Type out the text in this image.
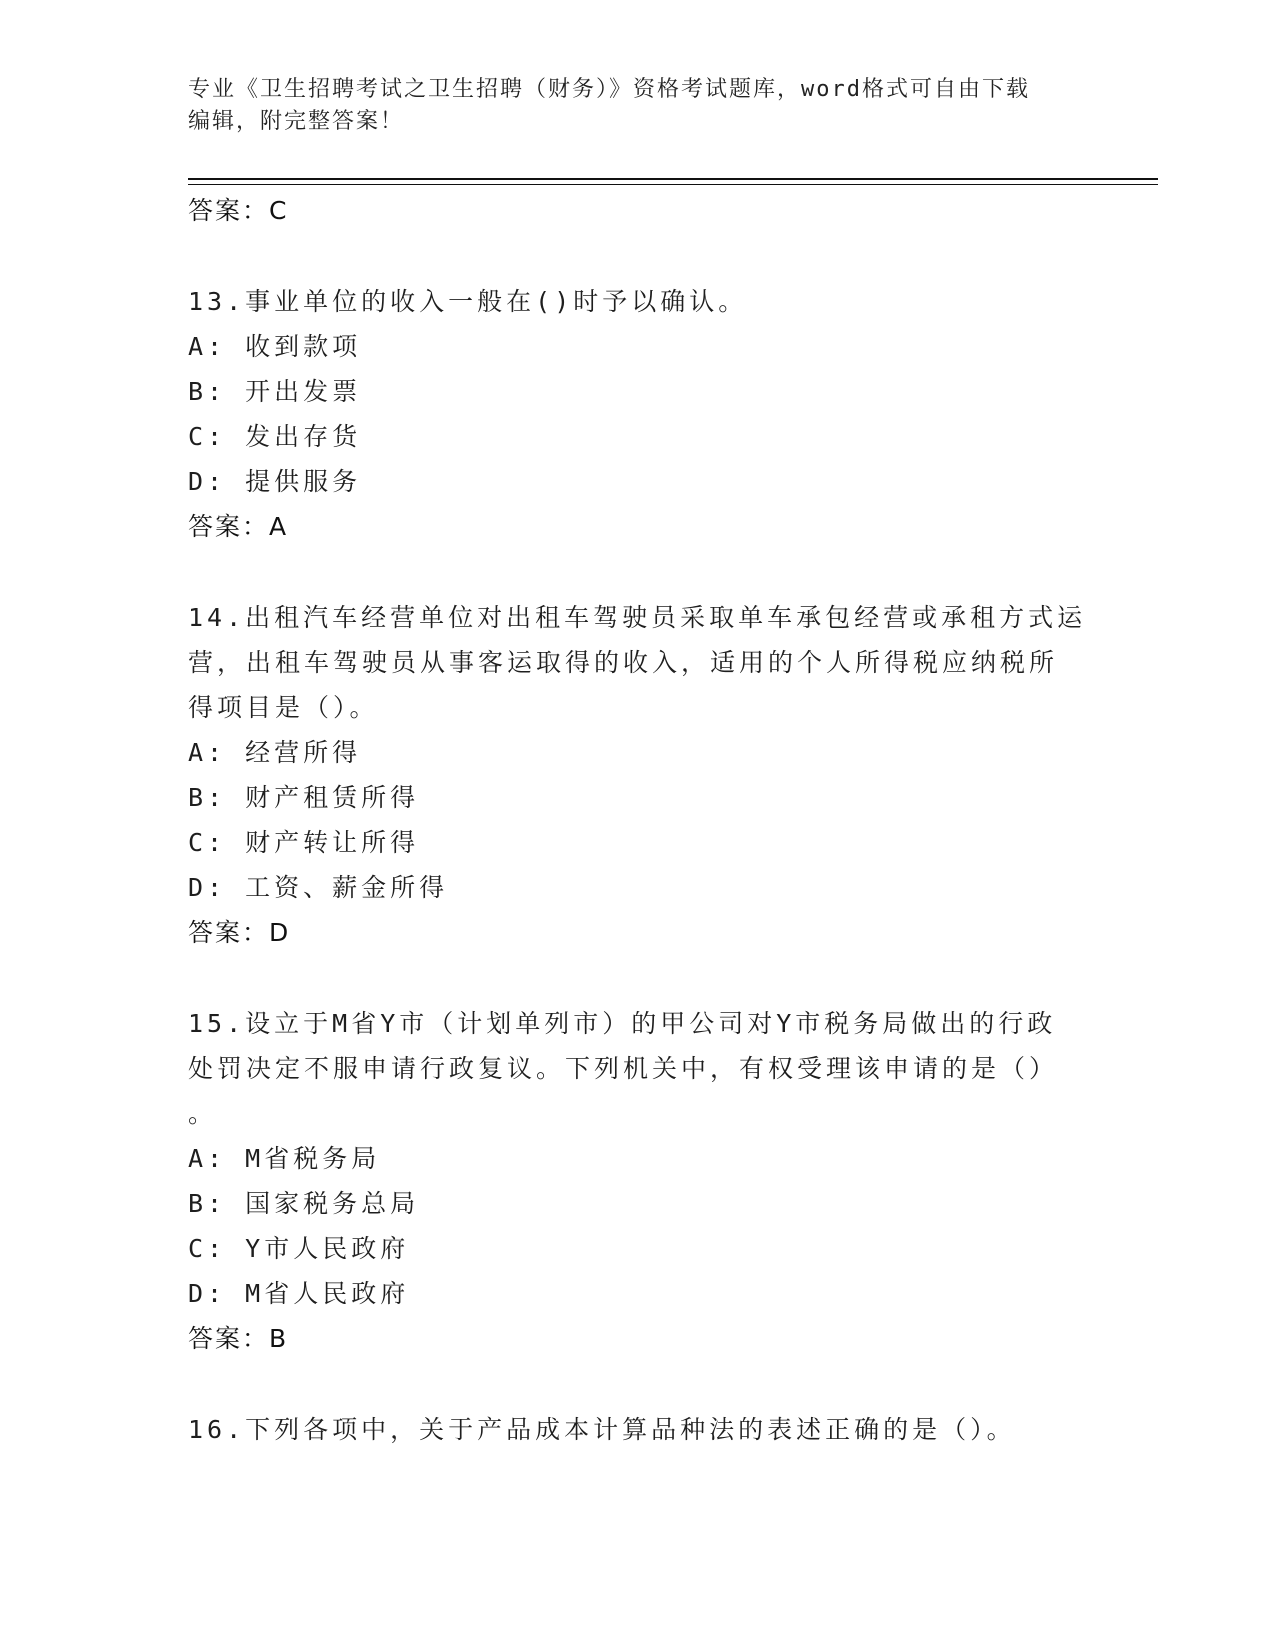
专业《卫生招聘考试之卫生招聘（财务）》资格考试题库，word格式可自由下载
编辑，附完整答案！
答案：C
13.事业单位的收入一般在()时予以确认。
A: 收到款项
B: 开出发票
C: 发出存货
D: 提供服务
答案：A
14.出租汽车经营单位对出租车驾驶员采取单车承包经营或承租方式运
营，出租车驾驶员从事客运取得的收入，适用的个人所得税应纳税所
得项目是（）。
A: 经营所得
B: 财产租赁所得
C: 财产转让所得
D: 工资、薪金所得
答案：D
15.设立于M省Y市（计划单列市）的甲公司对Y市税务局做出的行政
处罚决定不服申请行政复议。下列机关中，有权受理该申请的是（）
。
A: M省税务局
B: 国家税务总局
C: Y市人民政府
D: M省人民政府
答案：B
16.下列各项中，关于产品成本计算品种法的表述正确的是（）。
